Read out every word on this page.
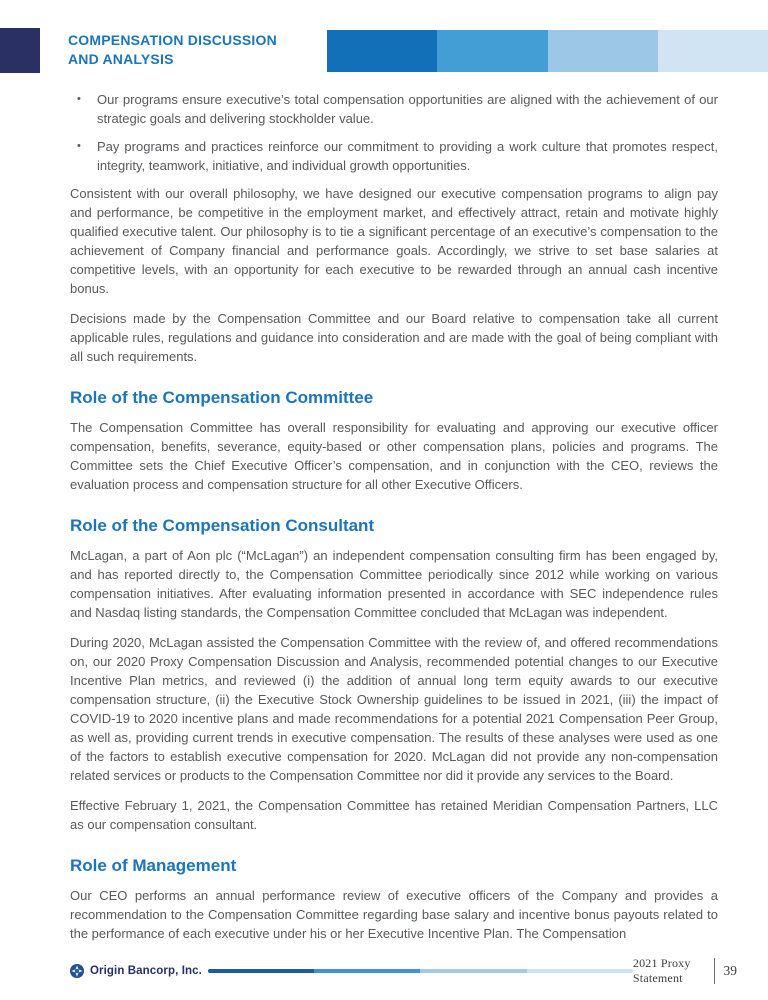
COMPENSATION DISCUSSION
AND ANALYSIS
•	Our programs ensure executive’s total compensation opportunities are aligned with the achievement of our strategic goals and delivering stockholder value.
•	Pay programs and practices reinforce our commitment to providing a work culture that promotes respect, integrity, teamwork, initiative, and individual growth opportunities.

Consistent with our overall philosophy, we have designed our executive compensation programs to align pay and performance, be competitive in the employment market, and effectively attract, retain and motivate highly qualified executive talent. Our philosophy is to tie a significant percentage of an executive’s compensation to the achievement of Company financial and performance goals. Accordingly, we strive to set base salaries at competitive levels, with an opportunity for each executive to be rewarded through an annual cash incentive bonus.

Decisions made by the Compensation Committee and our Board relative to compensation take all current applicable rules, regulations and guidance into consideration and are made with the goal of being compliant with all such requirements.

Role of the Compensation Committee

The Compensation Committee has overall responsibility for evaluating and approving our executive officer compensation, benefits, severance, equity-based or other compensation plans, policies and programs. The Committee sets the Chief Executive Officer’s compensation, and in conjunction with the CEO, reviews the evaluation process and compensation structure for all other Executive Officers.

Role of the Compensation Consultant

McLagan, a part of Aon plc (“McLagan”) an independent compensation consulting firm has been engaged by, and has reported directly to, the Compensation Committee periodically since 2012 while working on various compensation initiatives. After evaluating information presented in accordance with SEC independence rules and Nasdaq listing standards, the Compensation Committee concluded that McLagan was independent.

During 2020, McLagan assisted the Compensation Committee with the review of, and offered recommendations on, our 2020 Proxy Compensation Discussion and Analysis, recommended potential changes to our Executive Incentive Plan metrics, and reviewed (i) the addition of annual long term equity awards to our executive compensation structure, (ii) the Executive Stock Ownership guidelines to be issued in 2021, (iii) the impact of COVID-19 to 2020 incentive plans and made recommendations for a potential 2021 Compensation Peer Group, as well as, providing current trends in executive compensation. The results of these analyses were used as one of the factors to establish executive compensation for 2020. McLagan did not provide any non-compensation related services or products to the Compensation Committee nor did it provide any services to the Board.

Effective February 1, 2021, the Compensation Committee has retained Meridian Compensation Partners, LLC as our compensation consultant.

Role of Management

Our CEO performs an annual performance review of executive officers of the Company and provides a recommendation to the Compensation Committee regarding base salary and incentive bonus payouts related to the performance of each executive under his or her Executive Incentive Plan. The Compensation

Origin Bancorp, Inc.
2021 Proxy Statement	39
